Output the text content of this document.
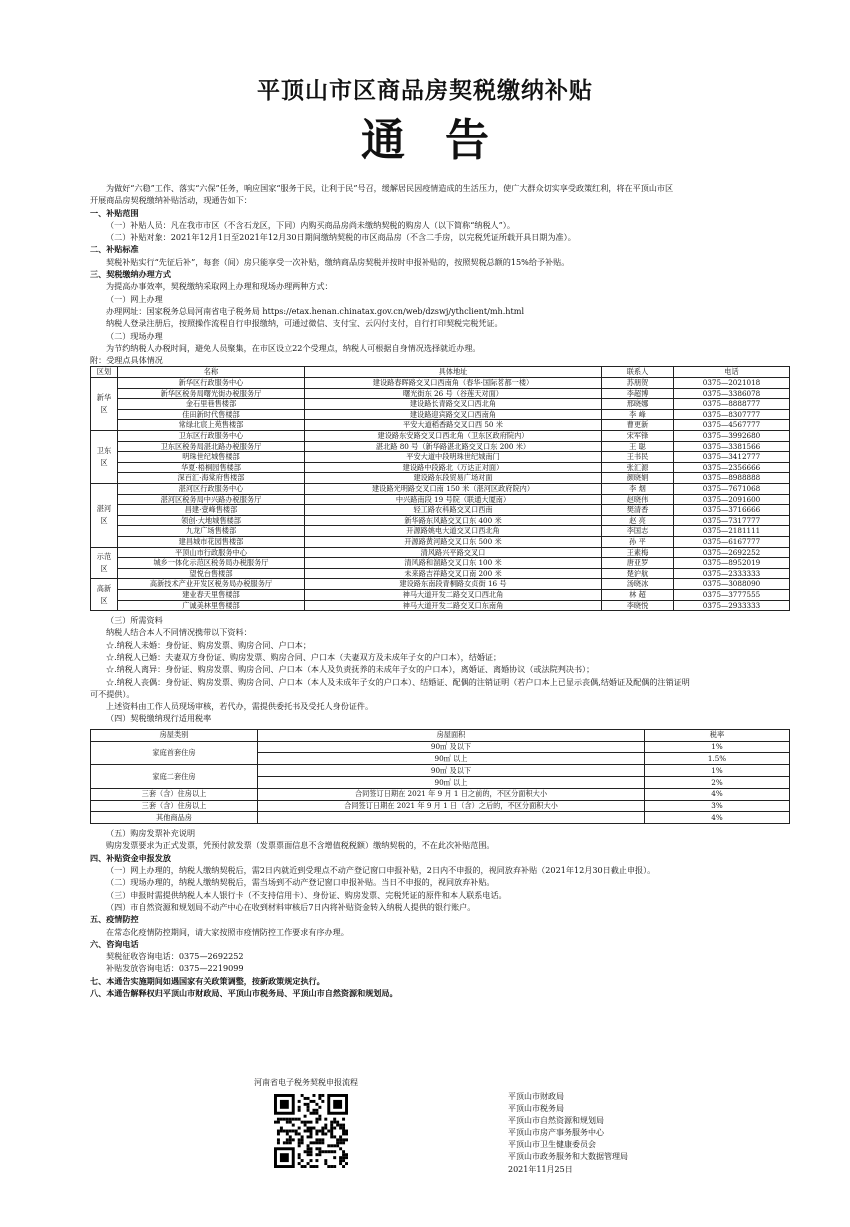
平顶山市区商品房契税缴纳补贴
通告

为做好“六稳”工作、落实“六保”任务，响应国家“服务于民，让利于民”号召，缓解居民因疫情造成的生活压力，使广大群众切实享受政策红利，将在平顶山市区

开展商品房契税缴纳补贴活动，现通告如下：

一、补贴范围

（一）补贴人员：凡在我市市区（不含石龙区，下同）内购买商品房尚未缴纳契税的购房人（以下简称“纳税人”）。

（二）补贴对象：2021年12月1日至2021年12月30日期间缴纳契税的市区商品房（不含二手房，以完税凭证所载开具日期为准）。

二、补贴标准

契税补贴实行“先征后补”，每套（间）房只能享受一次补贴，缴纳商品房契税并按时申报补贴的，按照契税总额的15%给予补贴。

三、契税缴纳办理方式

为提高办事效率，契税缴纳采取网上办理和现场办理两种方式：

（一）网上办理

办理网址：国家税务总局河南省电子税务局 https://etax.henan.chinatax.gov.cn/web/dzswj/ythclient/mh.html

纳税人登录注册后，按照操作流程自行申报缴纳，可通过微信、支付宝、云闪付支付，自行打印契税完税凭证。

（二）现场办理

为节约纳税人办税时间，避免人员聚集，在市区设立22个受理点，纳税人可根据自身情况选择就近办理。

附：受理点具体情况

区划	名称	具体地址	联系人	电话
新华区	新华区行政服务中心	建设路春晖路交叉口西南角（春华·国际茗都一楼）	苏朋贺	0375—2021018
	新华区税务局曙光街办税服务厅	曙光街东 26 号（谷莲天对面）	李超博	0375—3386078
	金石里巷售楼部	建设路长青路交叉口西北角	邢晓娜	0375—8888777
	佳田新时代售楼部	建设路迎宾路交叉口西南角	李 峰	0375—8307777
	常绿北宸上苑售楼部	平安大道稻香路交叉口西 50 米	曹更新	0375—4567777
卫东区	卫东区行政服务中心	建设路东安路交叉口西北角（卫东区政府院内）	宋军锋	0375—3992680
	卫东区税务局湛北路办税服务厅	湛北路 80 号（新华路湛北路交叉口东 200 米）	王 聪	0375—3381566
	明珠世纪城售楼部	平安大道中段明珠世纪城南门	王书民	0375—3412777
	华夏·梧桐园售楼部	建设路中段路北（万达正对面）	张汇源	0375—2356666
	深百汇·海棠府售楼部	建设路东段贸易广场对面	颜晓娟	0375—8988888
湛河区	湛河区行政服务中心	建设路光明路交叉口南 150 米（湛河区政府院内）	李 烟	0375—7671068
	湛河区税务局中兴路办税服务厅	中兴路南段 19 号院（联通大厦南）	赵晓伟	0375—2091600
	昌建·壹峰售楼部	轻工路农科路交叉口西南	樊清香	0375—3716666
	领创·大地城售楼部	新华路东风路交叉口东 400 米	赵 亮	0375—7317777
	九龙广场售楼部	开源路姚电大道交叉口西北角	李国志	0375—2181111
	建昌城市花园售楼部	开源路黄河路交叉口东 500 米	孙 平	0375—6167777
示范区	平顶山市行政服务中心	清风路兴平路交叉口	王素梅	0375—2692252
	城乡一体化示范区税务局办税服务厅	清风路和溜路交叉口东 100 米	唐亚罗	0375—8952019
	望悦台售楼部	未来路吉祥路交叉口南 200 米	楚沪航	0375—2333333
高新区	高新技术产业开发区税务局办税服务厅	建设路东南段青桐路女贞街 16 号	汤晓冰	0375—3088090
	建业春天里售楼部	神马大道开发二路交叉口西北角	林 超	0375—3777555
	广诚美林里售楼部	神马大道开发二路交叉口东南角	李晓悦	0375—2933333

（三）所需资料

纳税人结合本人不同情况携带以下资料：

☆.纳税人未婚：身份证、购房发票、购房合同、户口本；

☆.纳税人已婚：夫妻双方身份证、购房发票、购房合同、户口本（夫妻双方及未成年子女的户口本），结婚证；

☆.纳税人离异：身份证、购房发票、购房合同、户口本（本人及负责抚养的未成年子女的户口本），离婚证、离婚协议（或法院判决书）；

☆.纳税人丧偶：身份证、购房发票、购房合同、户口本（本人及未成年子女的户口本）、结婚证、配偶的注销证明（若户口本上已显示丧偶,结婚证及配偶的注销证明

可不提供）。

上述资料由工作人员现场审核，若代办，需提供委托书及受托人身份证件。

（四）契税缴纳现行适用税率

房屋类别	房屋面积	税率
家庭首套住房	90㎡ 及以下	1%
	90㎡ 以上	1.5%
家庭二套住房	90㎡ 及以下	1%
	90㎡ 以上	2%
三套（含）住房以上	合同签订日期在 2021 年 9 月 1 日之前的，不区分面积大小	4%
三套（含）住房以上	合同签订日期在 2021 年 9 月 1 日（含）之后的，不区分面积大小	3%
其他商品房		4%

（五）购房发票补充说明

购房发票要求为正式发票，凭预付款发票（发票票面信息不含增值税税额）缴纳契税的，不在此次补贴范围。

四、补贴资金申报发放

（一）网上办理的，纳税人缴纳契税后，需2日内就近到受理点不动产登记窗口申报补贴，2日内不申报的，视同放弃补贴（2021年12月30日截止申报）。

（二）现场办理的，纳税人缴纳契税后，需当场到不动产登记窗口申报补贴。当日不申报的，视同放弃补贴。

（三）申报时需提供纳税人本人银行卡（不支持信用卡）、身份证、购房发票、完税凭证的原件和本人联系电话。

（四）市自然资源和规划局不动产中心在收到材料审核后7日内将补贴资金转入纳税人提供的银行账户。

五、疫情防控

在常态化疫情防控期间，请大家按照市疫情防控工作要求有序办理。

六、咨询电话

契税征收咨询电话：0375—2692252

补贴发放咨询电话：0375—2219099

七、本通告实施期间如遇国家有关政策调整，按新政策规定执行。

八、本通告解释权归平顶山市财政局、平顶山市税务局、平顶山市自然资源和规划局。

河南省电子税务契税申报流程

平顶山市财政局

平顶山市税务局

平顶山市自然资源和规划局

平顶山市房产事务服务中心

平顶山市卫生健康委员会

平顶山市政务服务和大数据管理局

2021年11月25日
